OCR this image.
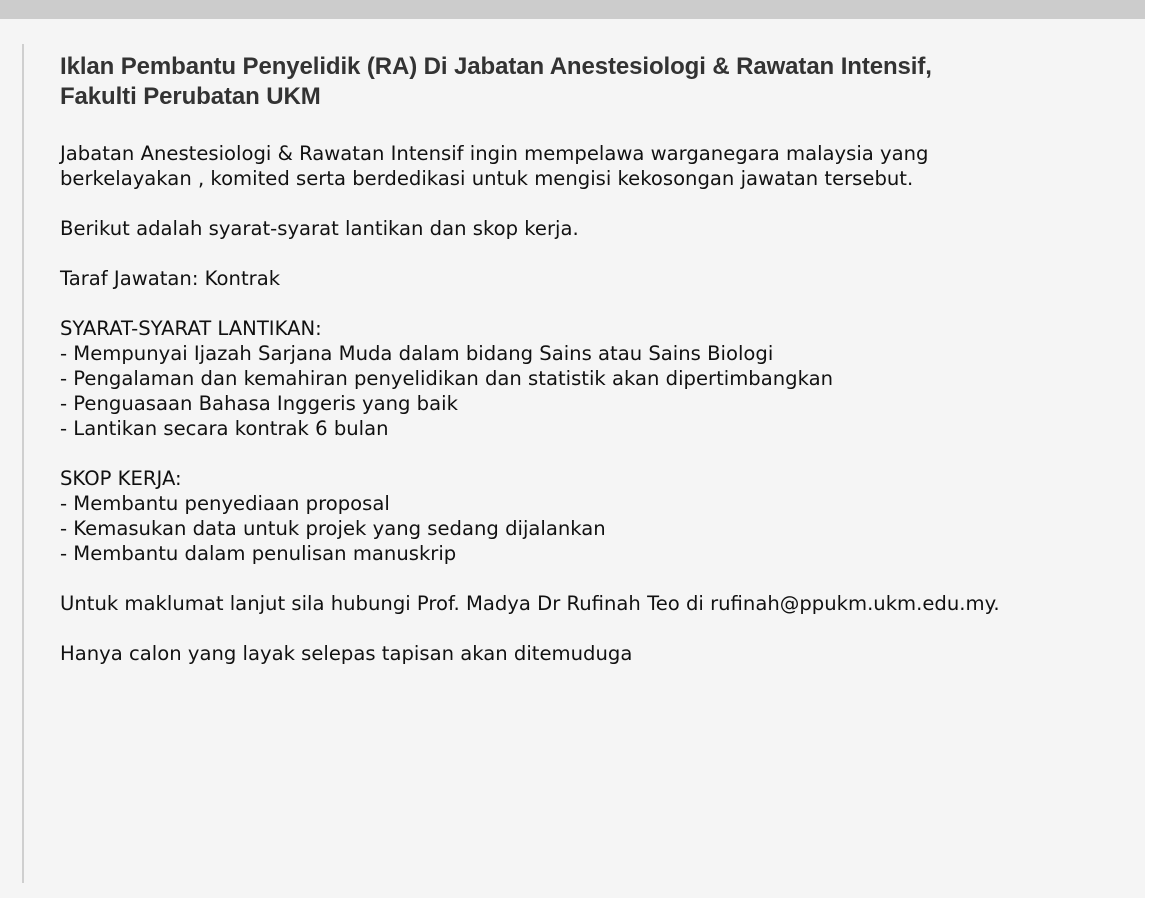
Iklan Pembantu Penyelidik (RA) Di Jabatan Anestesiologi & Rawatan Intensif,
Fakulti Perubatan UKM

Jabatan Anestesiologi & Rawatan Intensif ingin mempelawa warganegara malaysia yang
berkelayakan , komited serta berdedikasi untuk mengisi kekosongan jawatan tersebut.

Berikut adalah syarat-syarat lantikan dan skop kerja.

Taraf Jawatan: Kontrak

SYARAT-SYARAT LANTIKAN:
- Mempunyai Ijazah Sarjana Muda dalam bidang Sains atau Sains Biologi
- Pengalaman dan kemahiran penyelidikan dan statistik akan dipertimbangkan
- Penguasaan Bahasa Inggeris yang baik
- Lantikan secara kontrak 6 bulan
SKOP KERJA:
- Membantu penyediaan proposal
- Kemasukan data untuk projek yang sedang dijalankan
- Membantu dalam penulisan manuskrip

Untuk maklumat lanjut sila hubungi Prof. Madya Dr Rufinah Teo di rufinah@ppukm.ukm.edu.my.

Hanya calon yang layak selepas tapisan akan ditemuduga
